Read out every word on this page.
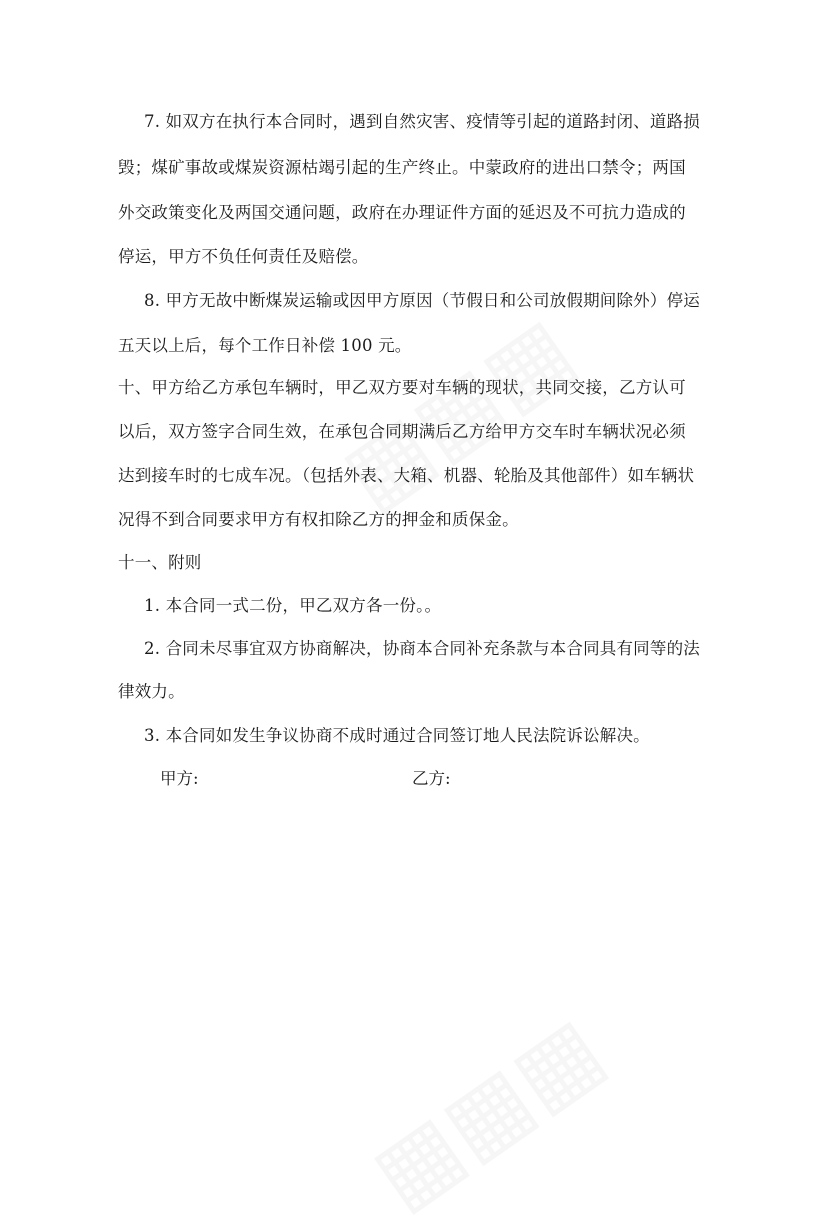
7. 如双方在执行本合同时，遇到自然灾害、疫情等引起的道路封闭、道路损
毁；煤矿事故或煤炭资源枯竭引起的生产终止。中蒙政府的进出口禁令；两国
外交政策变化及两国交通问题，政府在办理证件方面的延迟及不可抗力造成的
停运，甲方不负任何责任及赔偿。
8. 甲方无故中断煤炭运输或因甲方原因（节假日和公司放假期间除外）停运
五天以上后，每个工作日补偿 100 元。
十、甲方给乙方承包车辆时，甲乙双方要对车辆的现状，共同交接，乙方认可
以后，双方签字合同生效，在承包合同期满后乙方给甲方交车时车辆状况必须
达到接车时的七成车况。（包括外表、大箱、机器、轮胎及其他部件）如车辆状
况得不到合同要求甲方有权扣除乙方的押金和质保金。
十一、附则
1. 本合同一式二份，甲乙双方各一份。。
2. 合同未尽事宜双方协商解决，协商本合同补充条款与本合同具有同等的法
律效力。
3. 本合同如发生争议协商不成时通过合同签订地人民法院诉讼解决。
甲方:	乙方:
